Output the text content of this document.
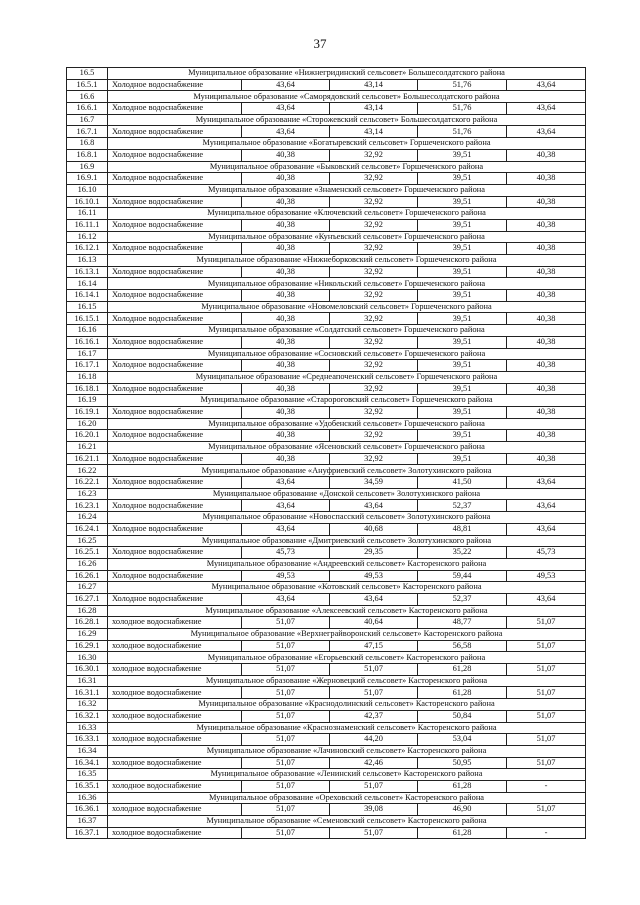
37
16.5	Муниципальное образование «Нижнегридинский сельсовет» Большесолдатского района				
16.5.1	Холодное водоснабжение	43,64	43,14	51,76	43,64
16.6	Муниципальное образование «Саморядовский сельсовет» Большесолдатского района				
16.6.1	Холодное водоснабжение	43,64	43,14	51,76	43,64
16.7	Муниципальное образование «Сторожевский сельсовет» Большесолдатского района				
16.7.1	Холодное водоснабжение	43,64	43,14	51,76	43,64
16.8	Муниципальное образование «Богатыревский сельсовет» Горшеченского района				
16.8.1	Холодное водоснабжение	40,38	32,92	39,51	40,38
16.9	Муниципальное образование «Быковский сельсовет» Горшеченского района				
16.9.1	Холодное водоснабжение	40,38	32,92	39,51	40,38
16.10	Муниципальное образование «Знаменский сельсовет» Горшеченского района				
16.10.1	Холодное водоснабжение	40,38	32,92	39,51	40,38
16.11	Муниципальное образование «Ключевский сельсовет» Горшеченского района				
16.11.1	Холодное водоснабжение	40,38	32,92	39,51	40,38
16.12	Муниципальное образование «Кунъевский сельсовет» Горшеченского района				
16.12.1	Холодное водоснабжение	40,38	32,92	39,51	40,38
16.13	Муниципальное образование «Нижнеборковский сельсовет» Горшеченского района				
16.13.1	Холодное водоснабжение	40,38	32,92	39,51	40,38
16.14	Муниципальное образование «Никольский сельсовет» Горшеченского района				
16.14.1	Холодное водоснабжение	40,38	32,92	39,51	40,38
16.15	Муниципальное образование «Новомеловский сельсовет» Горшеченского района				
16.15.1	Холодное водоснабжение	40,38	32,92	39,51	40,38
16.16	Муниципальное образование «Солдатский сельсовет» Горшеченского района				
16.16.1	Холодное водоснабжение	40,38	32,92	39,51	40,38
16.17	Муниципальное образование «Сосновский сельсовет» Горшеченского района				
16.17.1	Холодное водоснабжение	40,38	32,92	39,51	40,38
16.18	Муниципальное образование «Среднеапоченский сельсовет» Горшеченского района				
16.18.1	Холодное водоснабжение	40,38	32,92	39,51	40,38
16.19	Муниципальное образование «Старороговский сельсовет» Горшеченского района				
16.19.1	Холодное водоснабжение	40,38	32,92	39,51	40,38
16.20	Муниципальное образование «Удобенский сельсовет» Горшеченского района				
16.20.1	Холодное водоснабжение	40,38	32,92	39,51	40,38
16.21	Муниципальное образование «Ясеновский сельсовет» Горшеченского района				
16.21.1	Холодное водоснабжение	40,38	32,92	39,51	40,38
16.22	Муниципальное образование «Ануфриевский сельсовет» Золотухинского района				
16.22.1	Холодное водоснабжение	43,64	34,59	41,50	43,64
16.23	Муниципальное образование «Донской сельсовет» Золотухинского района				
16.23.1	Холодное водоснабжение	43,64	43,64	52,37	43,64
16.24	Муниципальное образование «Новоспасский сельсовет» Золотухинского района				
16.24.1	Холодное водоснабжение	43,64	40,68	48,81	43,64
16.25	Муниципальное образование «Дмитриевский сельсовет» Золотухинского района				
16.25.1	Холодное водоснабжение	45,73	29,35	35,22	45,73
16.26	Муниципальное образование «Андреевский сельсовет» Касторенского района				
16.26.1	Холодное водоснабжение	49,53	49,53	59,44	49,53
16.27	Муниципальное образование «Котовский сельсовет» Касторенского района				
16.27.1	Холодное водоснабжение	43,64	43,64	52,37	43,64
16.28	Муниципальное образование «Алексеевский сельсовет» Касторенского района				
16.28.1	холодное водоснабжение	51,07	40,64	48,77	51,07
16.29	Муниципальное образование «Верхнеграйворонский сельсовет» Касторенского района				
16.29.1	холодное водоснабжение	51,07	47,15	56,58	51,07
16.30	Муниципальное образование «Егорьевский сельсовет» Касторенского района				
16.30.1	холодное водоснабжение	51,07	51,07	61,28	51,07
16.31	Муниципальное образование «Жерновецкий сельсовет» Касторенского района				
16.31.1	холодное водоснабжение	51,07	51,07	61,28	51,07
16.32	Муниципальное образование «Краснодолинский сельсовет» Касторенского района				
16.32.1	холодное водоснабжение	51,07	42,37	50,84	51,07
16.33	Муниципальное образование «Краснознаменский сельсовет» Касторенского района				
16.33.1	холодное водоснабжение	51,07	44,20	53,04	51,07
16.34	Муниципальное образование «Лачиновский сельсовет» Касторенского района				
16.34.1	холодное водоснабжение	51,07	42,46	50,95	51,07
16.35	Муниципальное образование «Ленинский сельсовет» Касторенского района				
16.35.1	холодное водоснабжение	51,07	51,07	61,28	-
16.36	Муниципальное образование «Ореховский сельсовет» Касторенского района				
16.36.1	холодное водоснабжение	51,07	39,08	46,90	51,07
16.37	Муниципальное образование «Семеновский сельсовет» Касторенского района				
16.37.1	холодное водоснабжение	51,07	51,07	61,28	-
